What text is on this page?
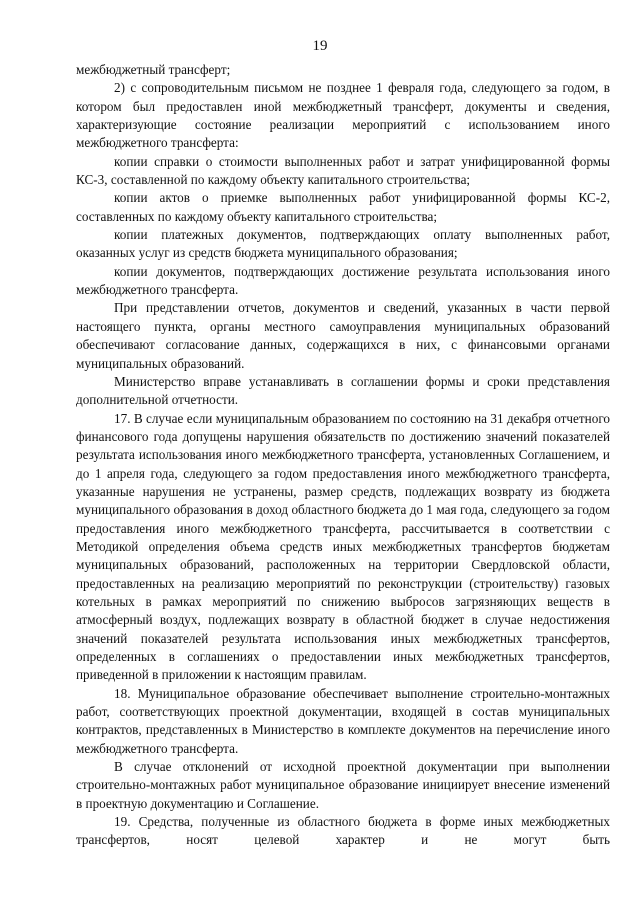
19

межбюджетный трансферт;

2) с сопроводительным письмом не позднее 1 февраля года, следующего за годом, в котором был предоставлен иной межбюджетный трансферт, документы и сведения, характеризующие состояние реализации мероприятий с использованием иного межбюджетного трансферта:

копии справки о стоимости выполненных работ и затрат унифицированной формы КС-3, составленной по каждому объекту капитального строительства;

копии актов о приемке выполненных работ унифицированной формы КС-2, составленных по каждому объекту капитального строительства;

копии платежных документов, подтверждающих оплату выполненных работ, оказанных услуг из средств бюджета муниципального образования;

копии документов, подтверждающих достижение результата использования иного межбюджетного трансферта.

При представлении отчетов, документов и сведений, указанных в части первой настоящего пункта, органы местного самоуправления муниципальных образований обеспечивают согласование данных, содержащихся в них, с финансовыми органами муниципальных образований.

Министерство вправе устанавливать в соглашении формы и сроки представления дополнительной отчетности.

17. В случае если муниципальным образованием по состоянию на 31 декабря отчетного финансового года допущены нарушения обязательств по достижению значений показателей результата использования иного межбюджетного трансферта, установленных Соглашением, и до 1 апреля года, следующего за годом предоставления иного межбюджетного трансферта, указанные нарушения не устранены, размер средств, подлежащих возврату из бюджета муниципального образования в доход областного бюджета до 1 мая года, следующего за годом предоставления иного межбюджетного трансферта, рассчитывается в соответствии с Методикой определения объема средств иных межбюджетных трансфертов бюджетам муниципальных образований, расположенных на территории Свердловской области, предоставленных на реализацию мероприятий по реконструкции (строительству) газовых котельных в рамках мероприятий по снижению выбросов загрязняющих веществ в атмосферный воздух, подлежащих возврату в областной бюджет в случае недостижения значений показателей результата использования иных межбюджетных трансфертов, определенных в соглашениях о предоставлении иных межбюджетных трансфертов, приведенной в приложении к настоящим правилам.

18. Муниципальное образование обеспечивает выполнение строительно-монтажных работ, соответствующих проектной документации, входящей в состав муниципальных контрактов, представленных в Министерство в комплекте документов на перечисление иного межбюджетного трансферта.

В случае отклонений от исходной проектной документации при выполнении строительно-монтажных работ муниципальное образование инициирует внесение изменений в проектную документацию и Соглашение.

19. Средства, полученные из областного бюджета в форме иных межбюджетных трансфертов, носят целевой характер и не могут быть
